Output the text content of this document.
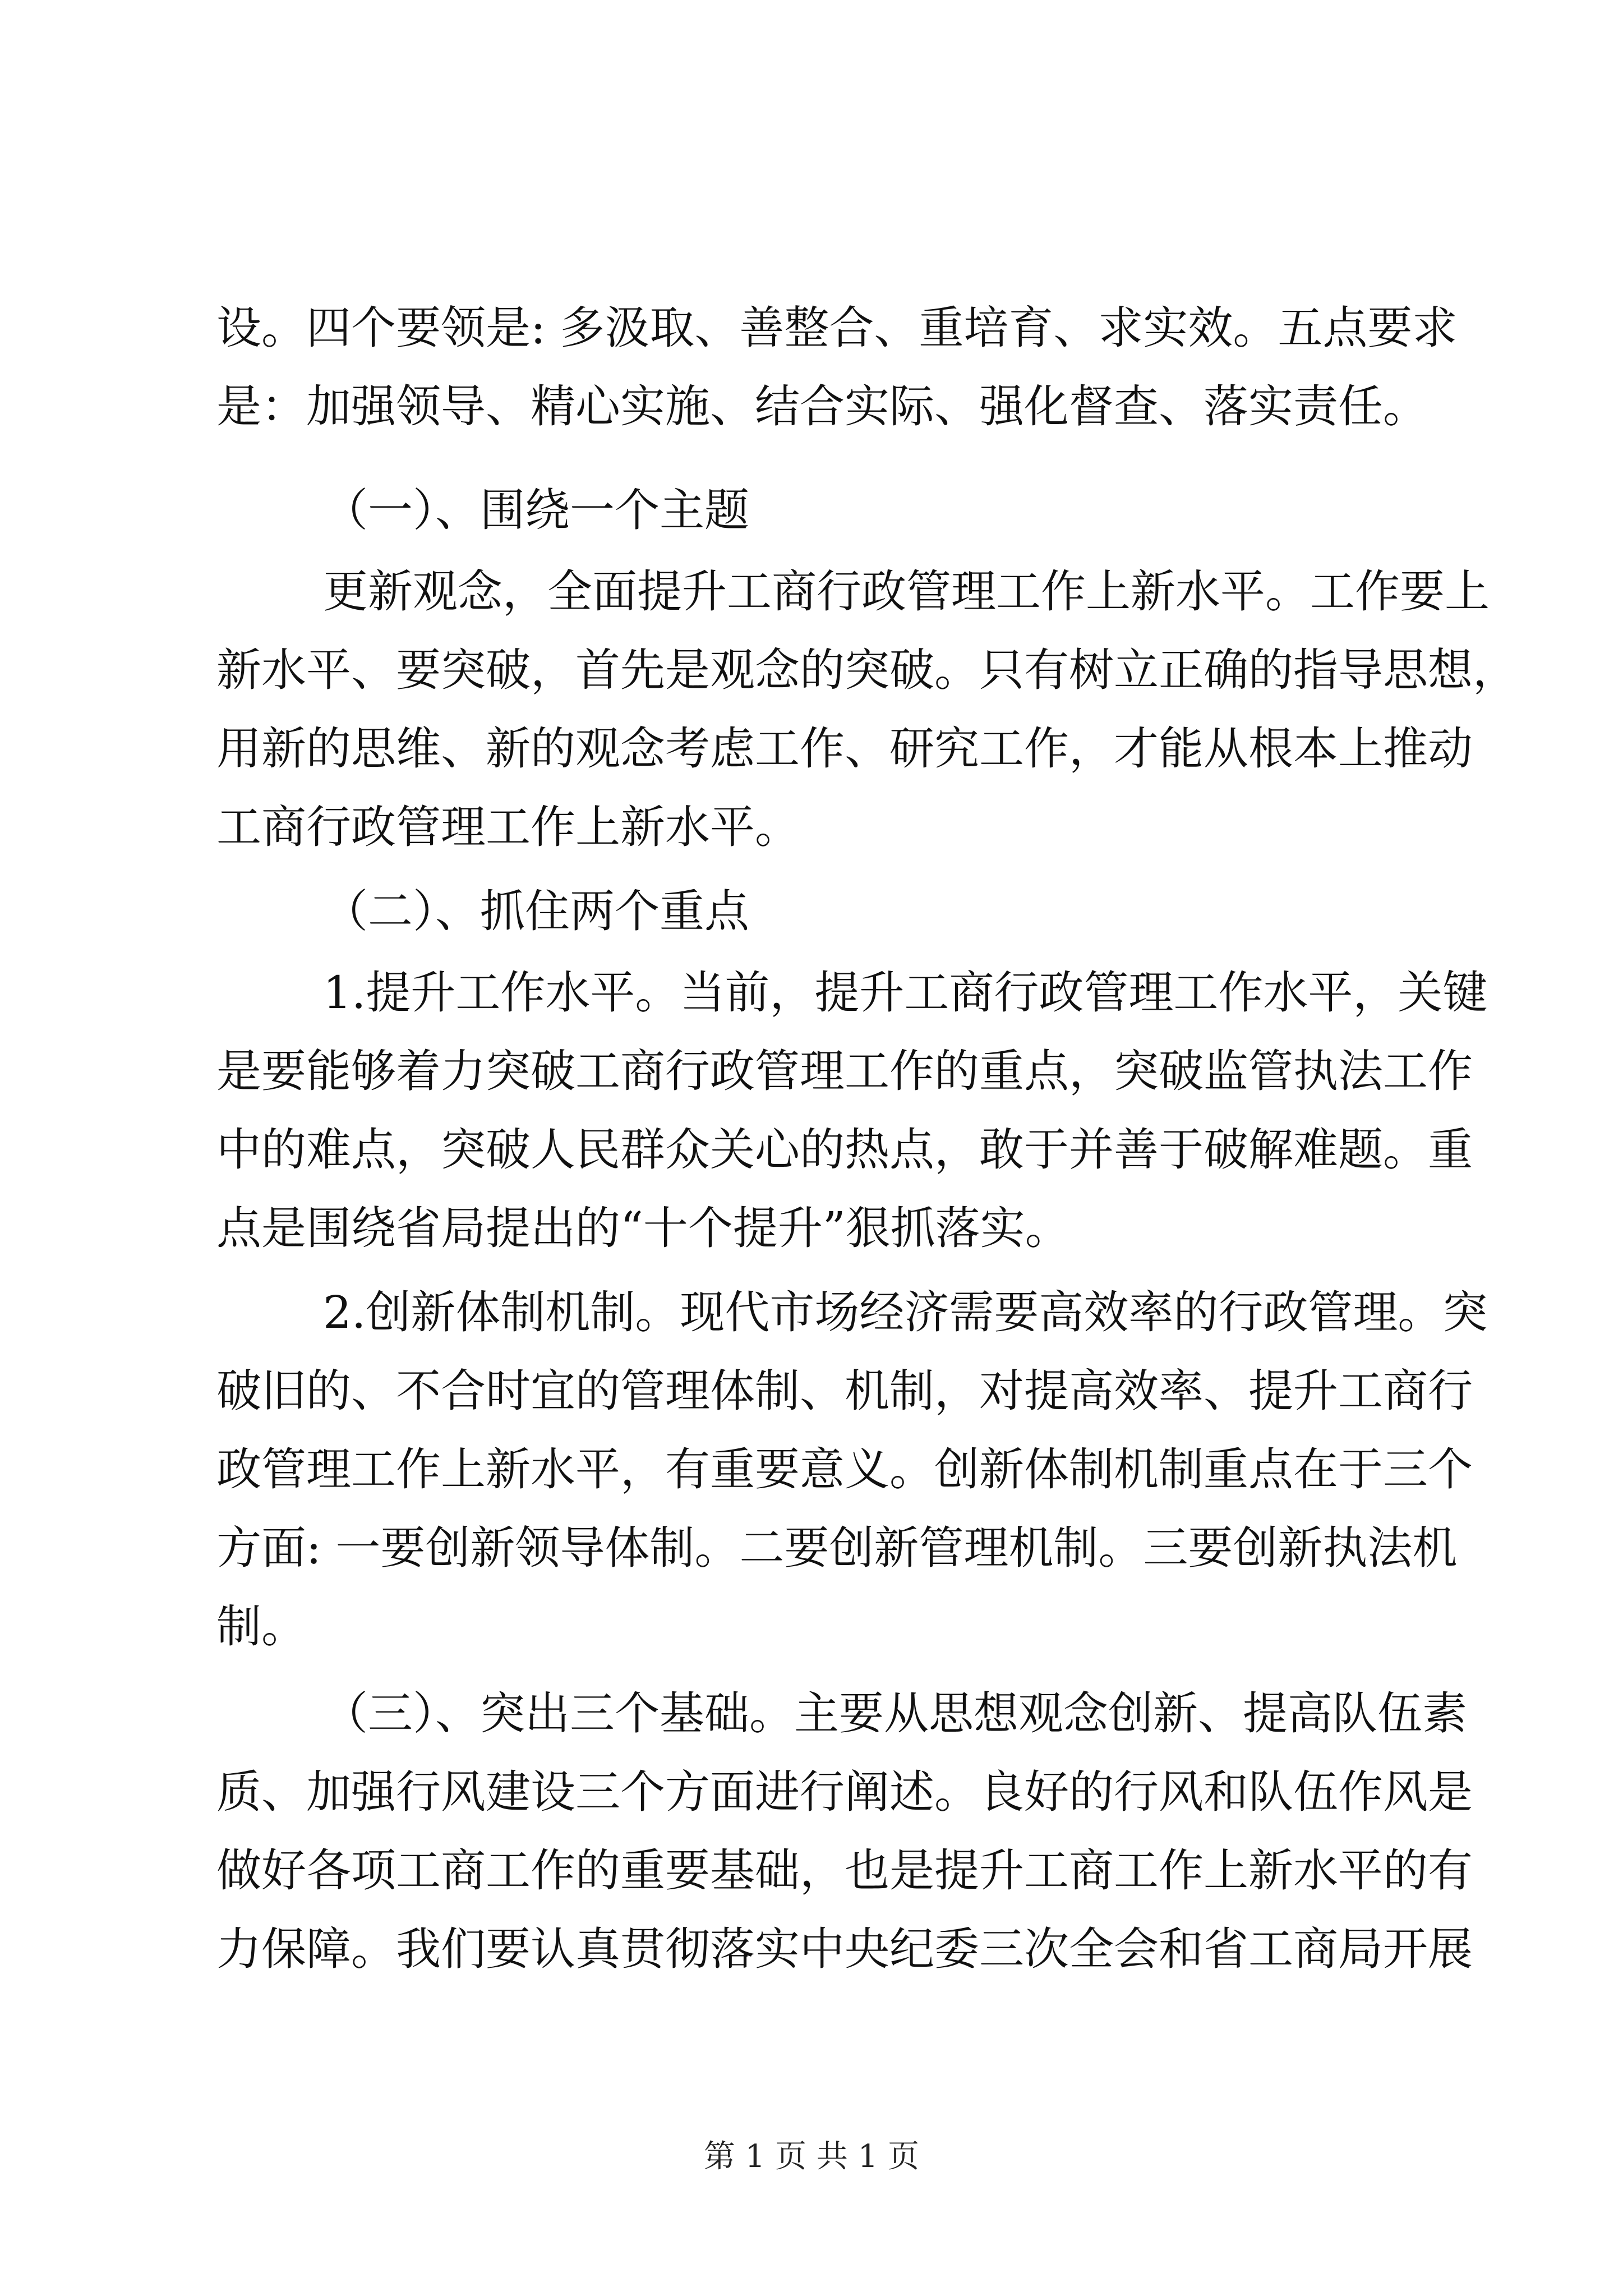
设。四个要领是: 多汲取、善整合、重培育、求实效。五点要求
是：加强领导、精心实施、结合实际、强化督查、落实责任。
（一）、围绕一个主题
更新观念，全面提升工商行政管理工作上新水平。工作要上
新水平、要突破，首先是观念的突破。只有树立正确的指导思想，
用新的思维、新的观念考虑工作、研究工作，才能从根本上推动
工商行政管理工作上新水平。
（二）、抓住两个重点
1.提升工作水平。当前，提升工商行政管理工作水平，关键
是要能够着力突破工商行政管理工作的重点，突破监管执法工作
中的难点，突破人民群众关心的热点，敢于并善于破解难题。重
点是围绕省局提出的“十个提升”狠抓落实。
2.创新体制机制。现代市场经济需要高效率的行政管理。突
破旧的、不合时宜的管理体制、机制，对提高效率、提升工商行
政管理工作上新水平，有重要意义。创新体制机制重点在于三个
方面: 一要创新领导体制。二要创新管理机制。三要创新执法机
制。
（三）、突出三个基础。主要从思想观念创新、提高队伍素
质、加强行风建设三个方面进行阐述。良好的行风和队伍作风是
做好各项工商工作的重要基础，也是提升工商工作上新水平的有
力保障。我们要认真贯彻落实中央纪委三次全会和省工商局开展
第 1 页 共 1 页
